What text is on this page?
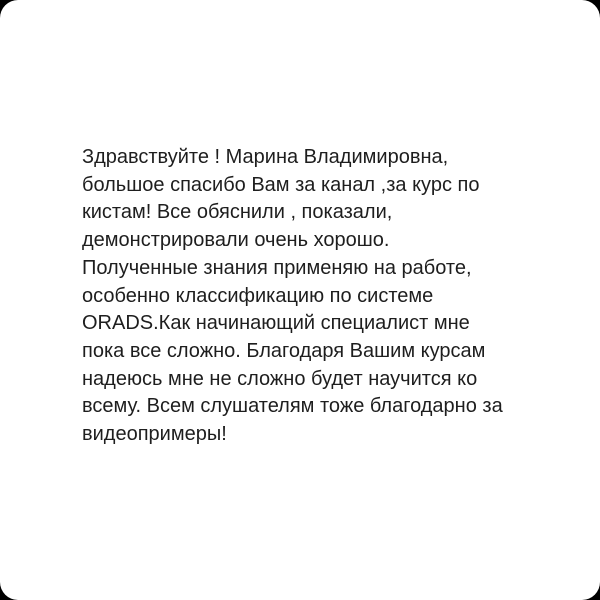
Здравствуйте ! Марина Владимировна,
большое спасибо Вам за канал ,за курс по
кистам! Все обяснили , показали,
демонстрировали очень хорошо.
Полученные знания применяю на работе,
особенно классификацию по системе
ORADS.Как начинающий специалист мне
пока все сложно. Благодаря Вашим курсам
надеюсь мне не сложно будет научится ко
всему. Всем слушателям тоже благодарно за
видеопримеры!
